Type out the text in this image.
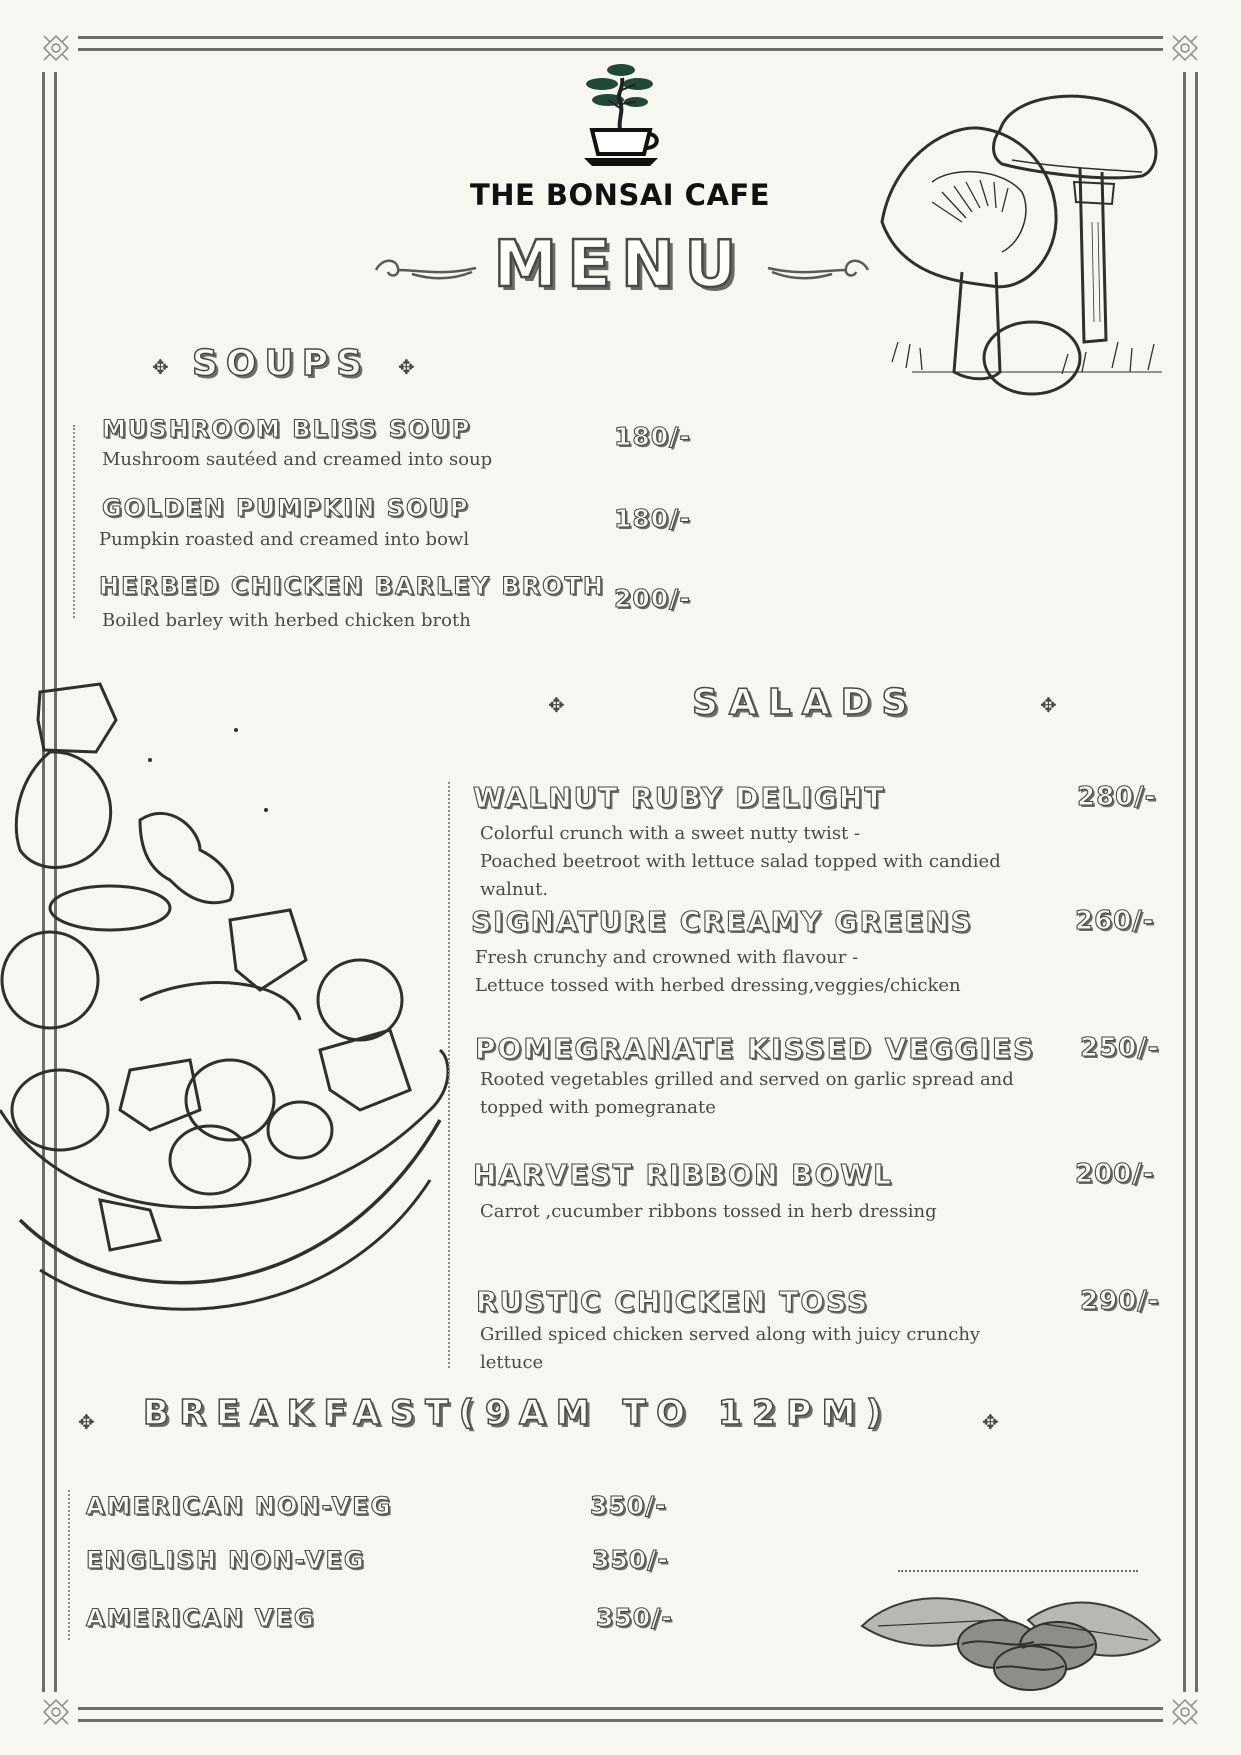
THE BONSAI CAFE
MENU
✥ SOUPS ✥
MUSHROOM BLISS SOUP	180/-
Mushroom sautéed and creamed into soup
GOLDEN PUMPKIN SOUP	180/-
Pumpkin roasted and creamed into bowl
HERBED CHICKEN BARLEY BROTH 200/-
Boiled barley with herbed chicken broth
✥	SALADS	✥
WALNUT RUBY DELIGHT	280/-
Colorful crunch with a sweet nutty twist -
Poached beetroot with lettuce salad topped with candied
walnut.
SIGNATURE CREAMY GREENS	260/-
Fresh crunchy and crowned with flavour -
Lettuce tossed with herbed dressing,veggies/chicken
POMEGRANATE KISSED VEGGIES 250/-
Rooted vegetables grilled and served on garlic spread and
topped with pomegranate
HARVEST RIBBON BOWL	200/-
Carrot ,cucumber ribbons tossed in herb dressing
RUSTIC CHICKEN TOSS	290/-
Grilled spiced chicken served along with juicy crunchy
lettuce
✥ BREAKFAST(9AM TO 12PM)	✥
AMERICAN NON-VEG	350/-
ENGLISH NON-VEG	350/-
AMERICAN VEG	350/-
